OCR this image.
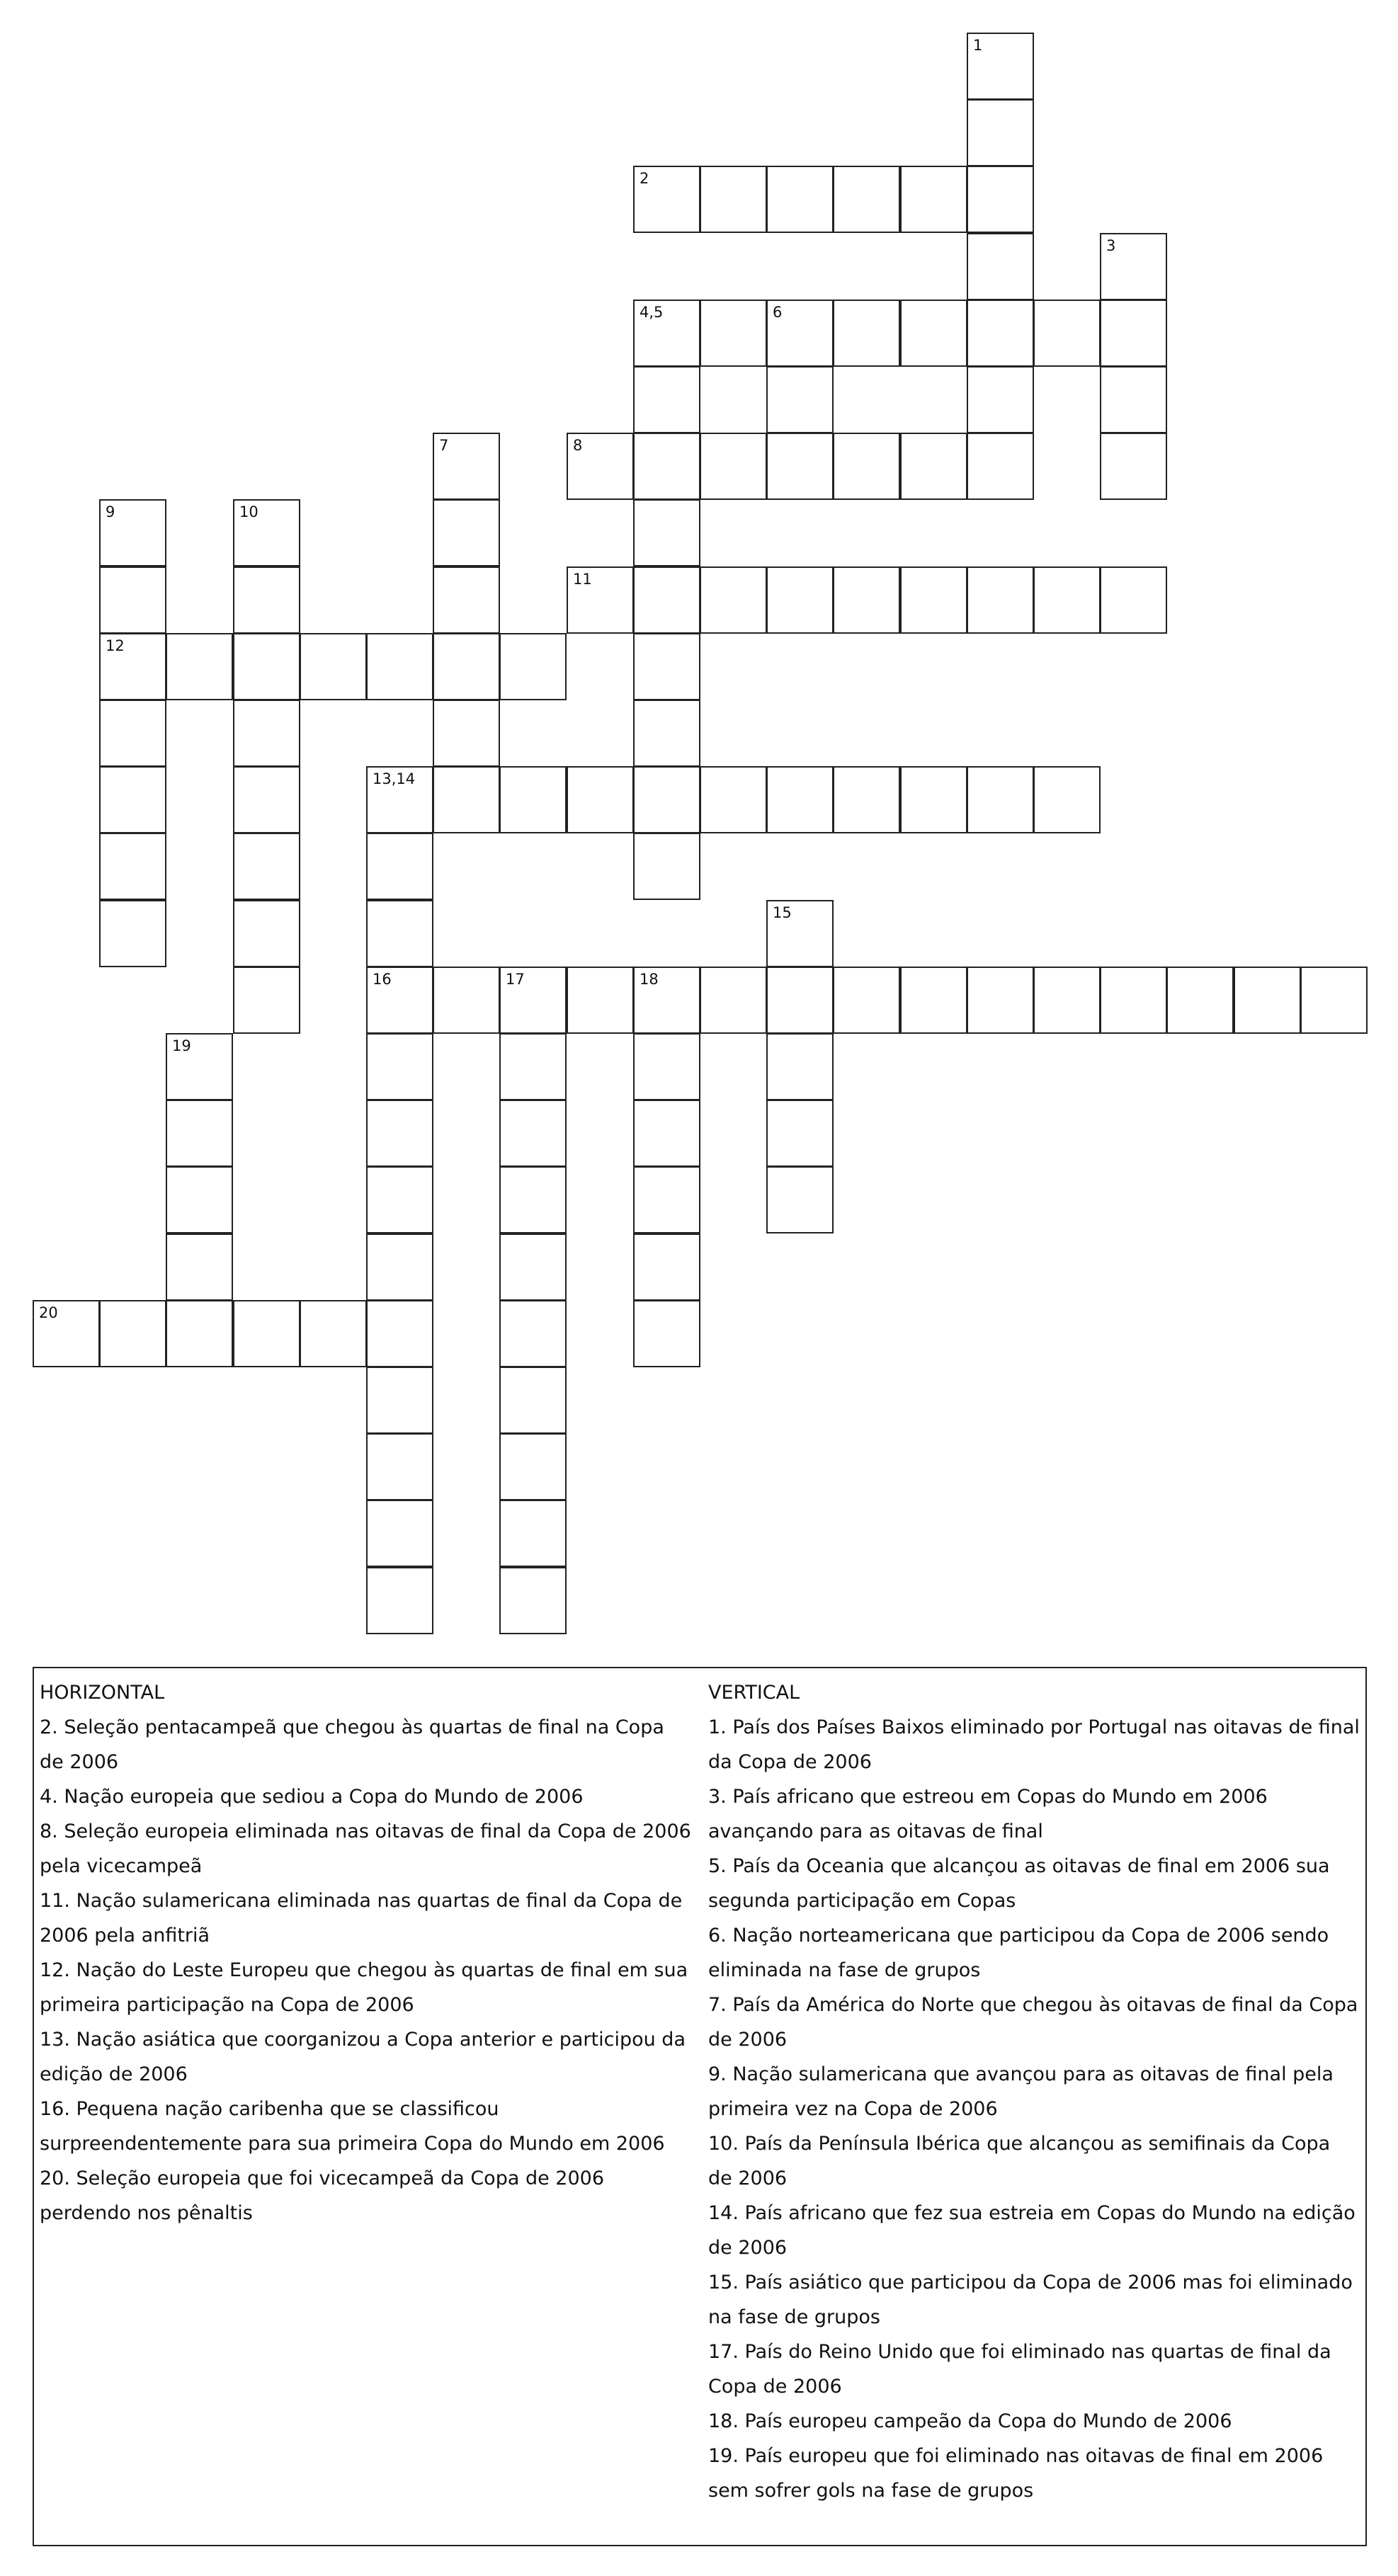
1
2
3
4,5	6
7	8
9	10
11
12
13,14
15
16	17	18
19
20
HORIZONTAL
2. Seleção pentacampeã que chegou às quartas de final na Copa de 2006
4. Nação europeia que sediou a Copa do Mundo de 2006
8. Seleção europeia eliminada nas oitavas de final da Copa de 2006 pela vicecampeã
11. Nação sulamericana eliminada nas quartas de final da Copa de 2006 pela anfitriã
12. Nação do Leste Europeu que chegou às quartas de final em sua primeira participação na Copa de 2006
13. Nação asiática que coorganizou a Copa anterior e participou da edição de 2006
16. Pequena nação caribenha que se classificou surpreendentemente para sua primeira Copa do Mundo em 2006
20. Seleção europeia que foi vicecampeã da Copa de 2006 perdendo nos pênaltis
VERTICAL
1. País dos Países Baixos eliminado por Portugal nas oitavas de final da Copa de 2006
3. País africano que estreou em Copas do Mundo em 2006 avançando para as oitavas de final
5. País da Oceania que alcançou as oitavas de final em 2006 sua segunda participação em Copas
6. Nação norteamericana que participou da Copa de 2006 sendo eliminada na fase de grupos
7. País da América do Norte que chegou às oitavas de final da Copa de 2006
9. Nação sulamericana que avançou para as oitavas de final pela primeira vez na Copa de 2006
10. País da Península Ibérica que alcançou as semifinais da Copa de 2006
14. País africano que fez sua estreia em Copas do Mundo na edição de 2006
15. País asiático que participou da Copa de 2006 mas foi eliminado na fase de grupos
17. País do Reino Unido que foi eliminado nas quartas de final da Copa de 2006
18. País europeu campeão da Copa do Mundo de 2006
19. País europeu que foi eliminado nas oitavas de final em 2006 sem sofrer gols na fase de grupos
